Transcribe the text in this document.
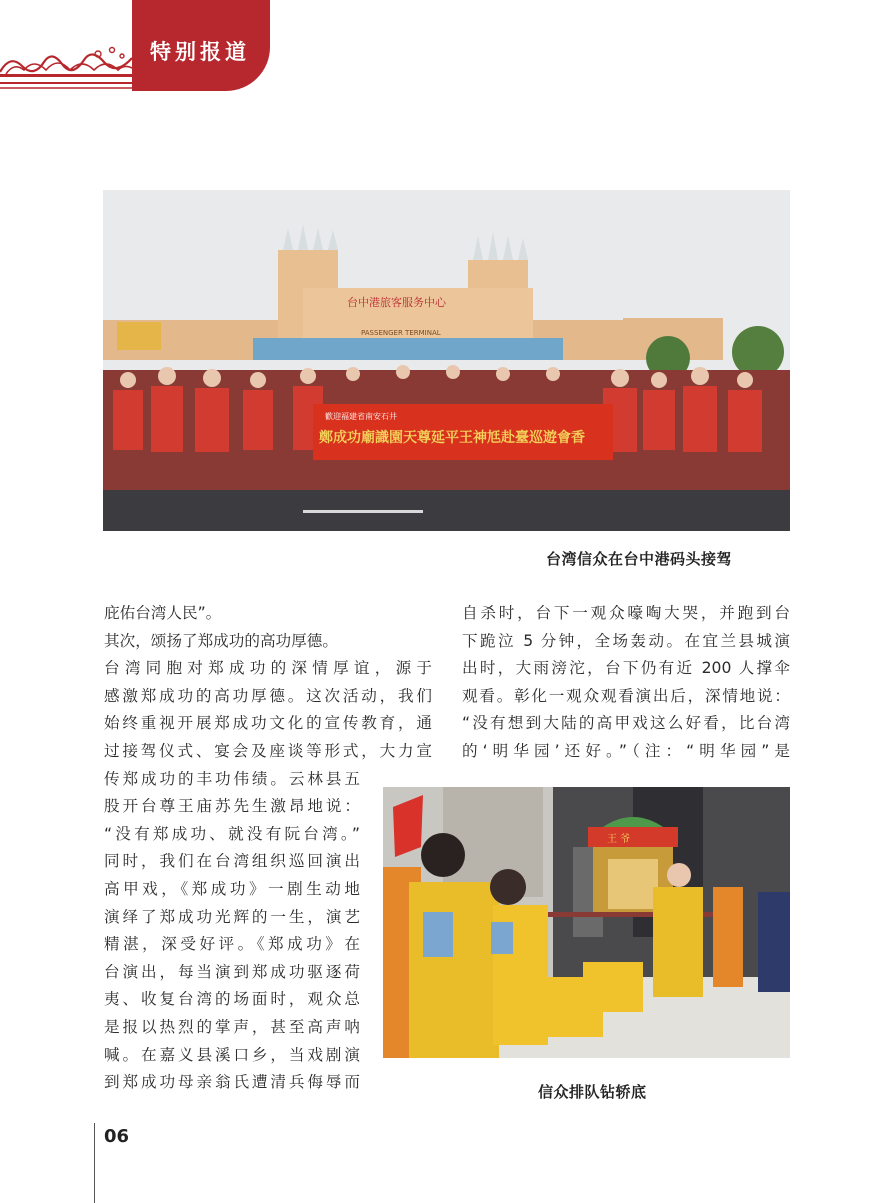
特别报道
台中港旅客服务中心
PASSENGER TERMINAL
歡迎福建省南安石井
鄭成功廟識園天尊延平王神尪赴臺巡遊會香
台湾信众在台中港码头接驾

庇佑台湾人民”。

其次，颂扬了郑成功的高功厚德。

台湾同胞对郑成功的深情厚谊，源于

感激郑成功的高功厚德。这次活动，我们

始终重视开展郑成功文化的宣传教育，通

过接驾仪式、宴会及座谈等形式，大力宣

传郑成功的丰功伟绩。云林县五

股开台尊王庙苏先生激昂地说：

“没有郑成功、就没有阮台湾。”

同时，我们在台湾组织巡回演出

高甲戏，《郑成功》一剧生动地

演绎了郑成功光辉的一生，演艺

精湛，深受好评。《郑成功》在

台演出，每当演到郑成功驱逐荷

夷、收复台湾的场面时，观众总

是报以热烈的掌声，甚至高声呐

喊。在嘉义县溪口乡，当戏剧演

到郑成功母亲翁氏遭清兵侮辱而

自杀时，台下一观众嚎啕大哭，并跑到台

下跪泣 5 分钟，全场轰动。在宜兰县城演

出时，大雨滂沱，台下仍有近 200 人撑伞

观看。彰化一观众观看演出后，深情地说：

“没有想到大陆的高甲戏这么好看，比台湾

的‘明华园’还好。”（注：“明华园”是

王 爷
信众排队钻轿底
06
